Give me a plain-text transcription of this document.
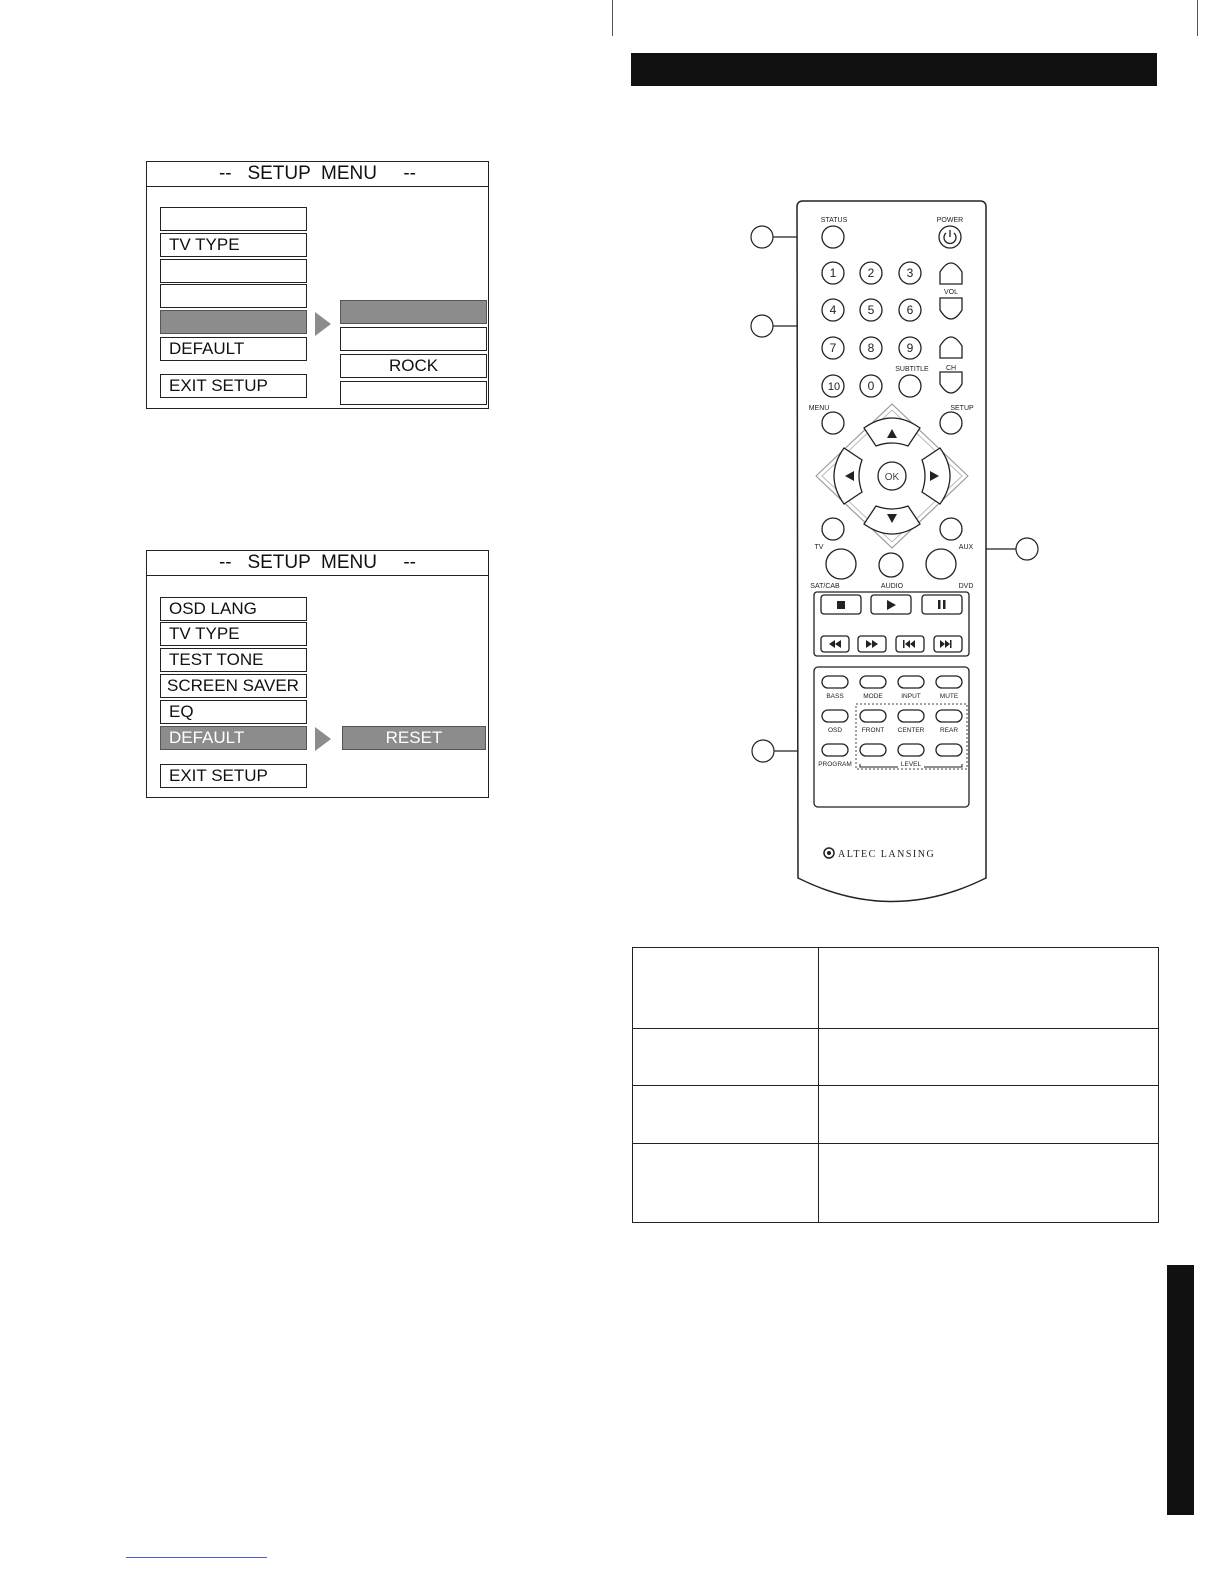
--   SETUP  MENU     --
TV TYPE
DEFAULT
EXIT SETUP
ROCK
--   SETUP  MENU     --
OSD LANG
TV TYPE
TEST TONE
SCREEN SAVER
EQ
DEFAULT
EXIT SETUP
RESET
STATUS	POWER
1	2	3
4	5	6
7	8	9
10 0
SUBTITLE
VOL
CH
MENU	SETUP
OK
TV	AUX
SAT/CAB	AUDIO	DVD
BASS	MODE	INPUT	MUTE
OSD	FRONT CENTER REAR
PROGRAM	LEVEL
ALTEC LANSING
